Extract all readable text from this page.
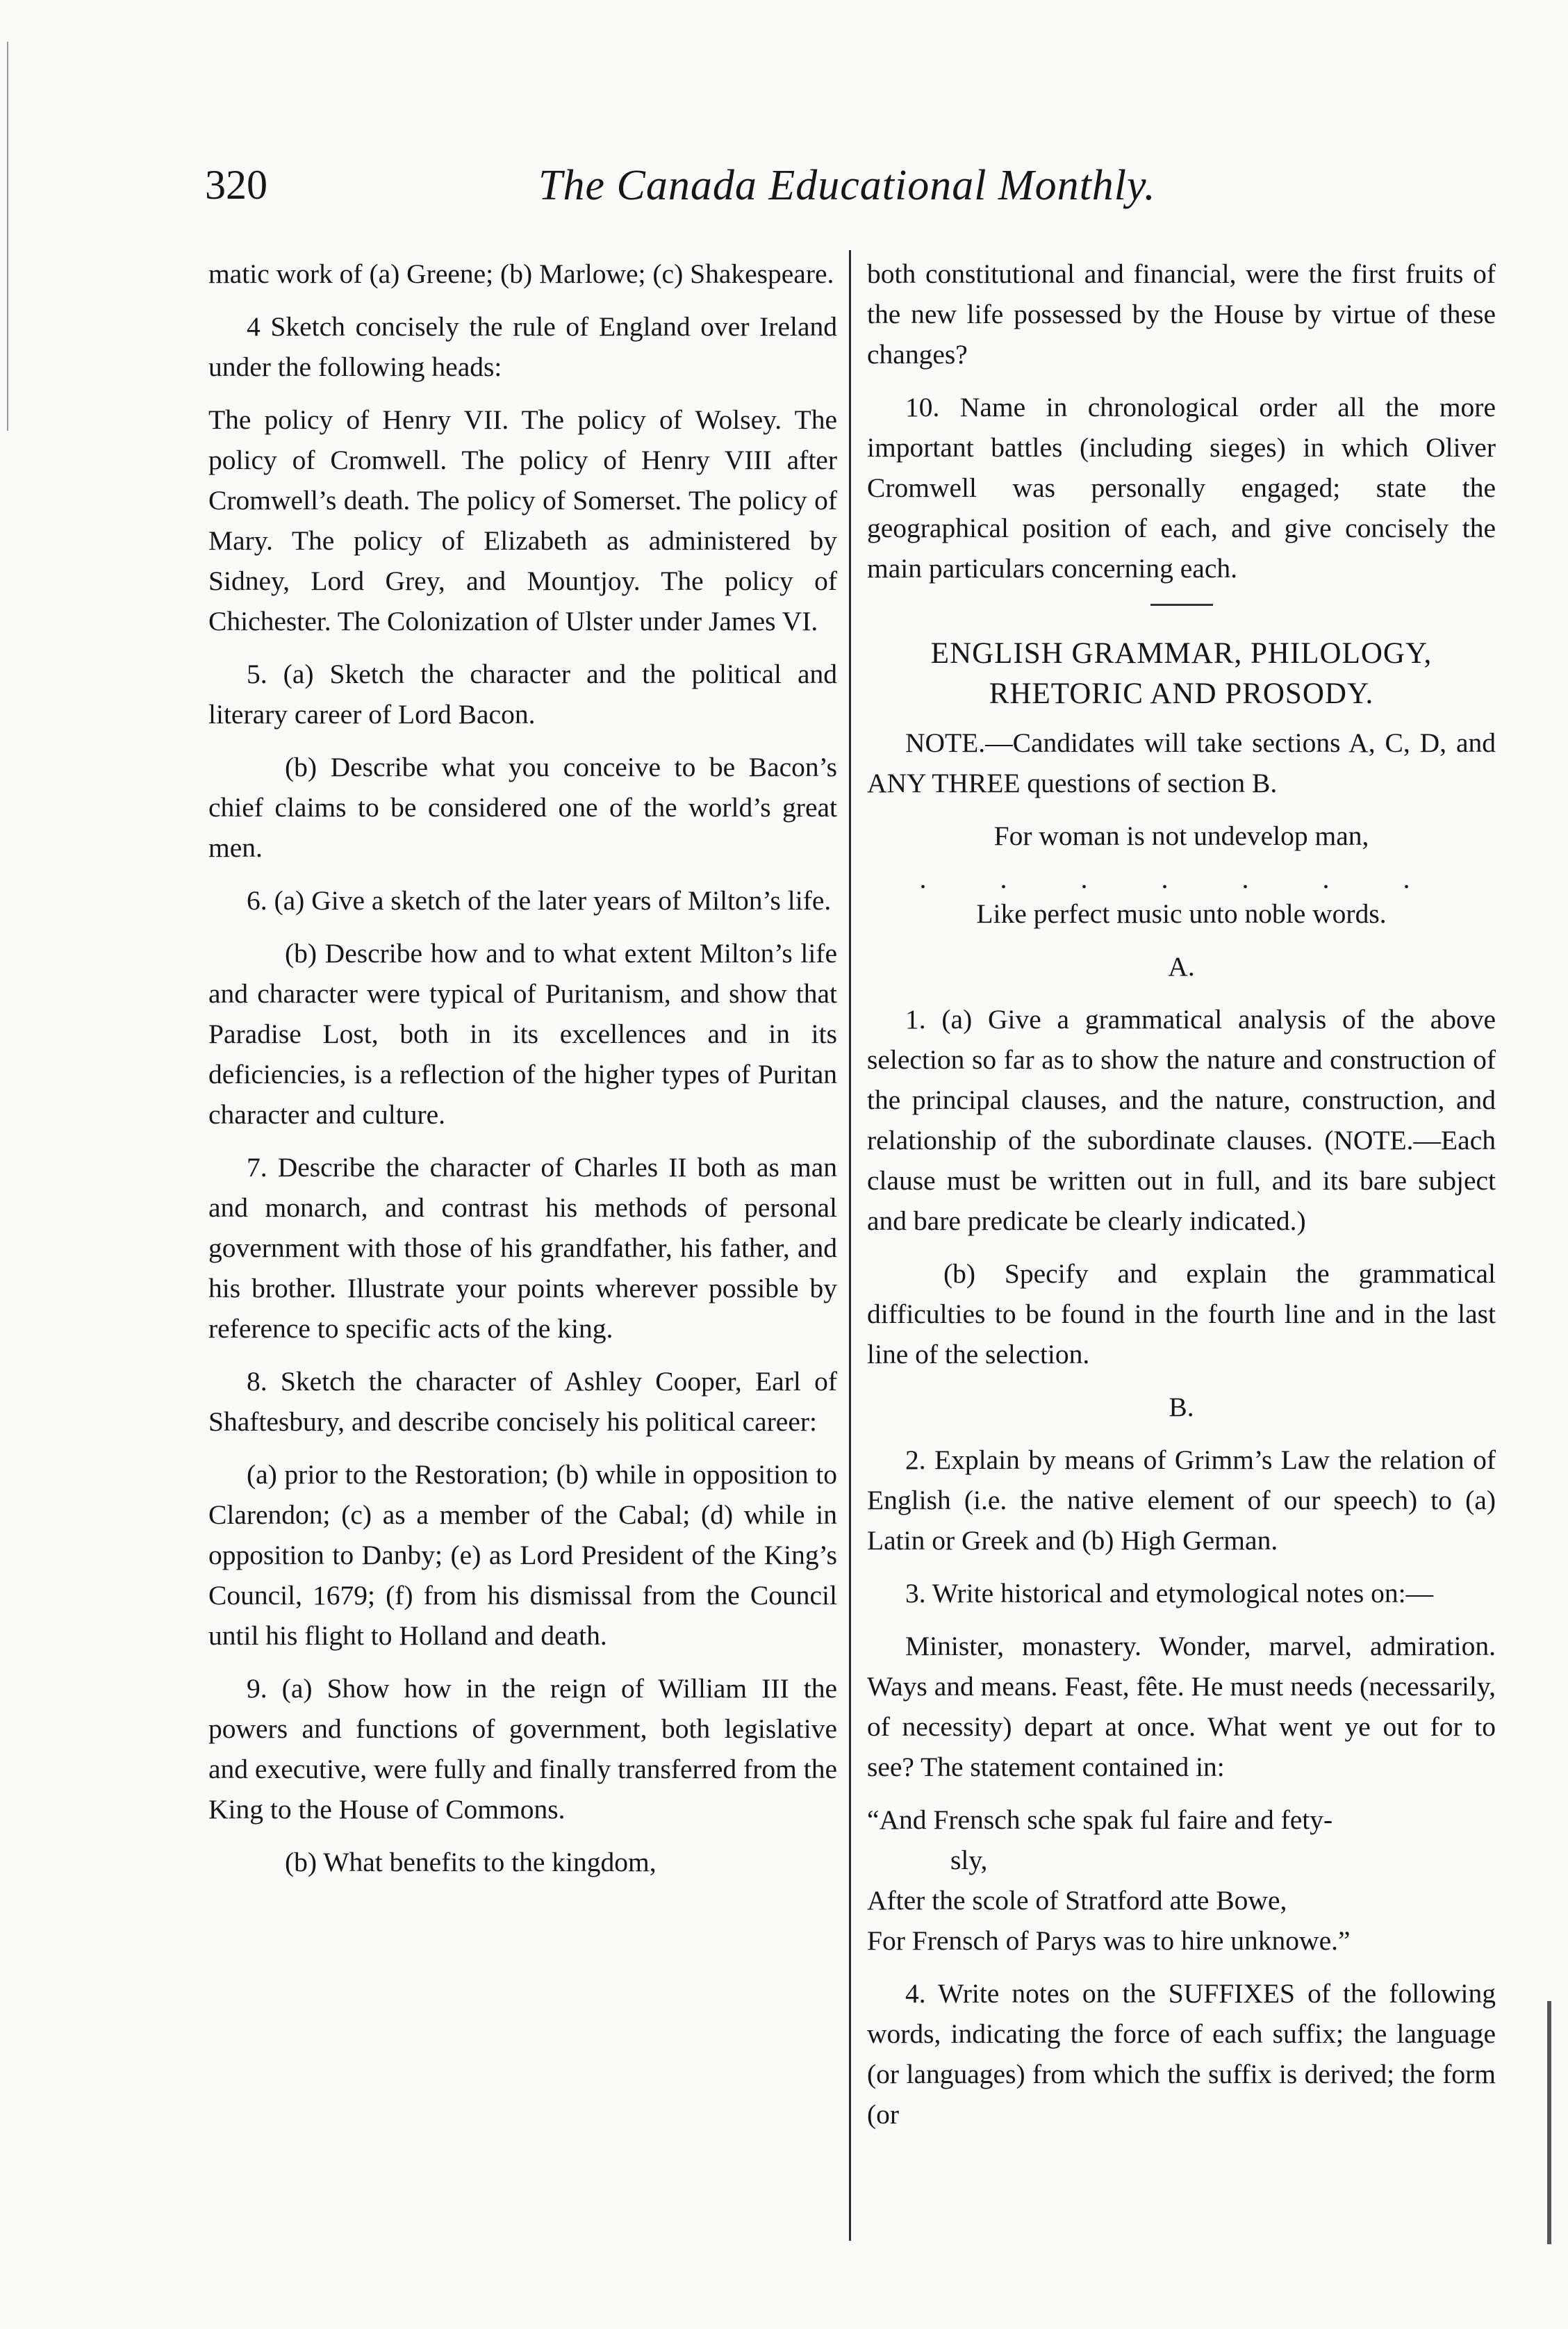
320	The Canada Educational Monthly.

matic work of (a) Greene; (b) Marlowe; (c) Shakespeare.

4 Sketch concisely the rule of England over Ireland under the following heads:

The policy of Henry VII. The policy of Wolsey. The policy of Cromwell. The policy of Henry VIII after Cromwell’s death. The policy of Somerset. The policy of Mary. The policy of Elizabeth as administered by Sidney, Lord Grey, and Mountjoy. The policy of Chichester. The Colonization of Ulster under James VI.

5. (a) Sketch the character and the political and literary career of Lord Bacon.

(b) Describe what you conceive to be Bacon’s chief claims to be considered one of the world’s great men.

6. (a) Give a sketch of the later years of Milton’s life.

(b) Describe how and to what extent Milton’s life and character were typical of Puritanism, and show that Paradise Lost, both in its excellences and in its deficiencies, is a reflection of the higher types of Puritan character and culture.

7. Describe the character of Charles II both as man and monarch, and contrast his methods of personal government with those of his grandfather, his father, and his brother. Illustrate your points wherever possible by reference to specific acts of the king.

8. Sketch the character of Ashley Cooper, Earl of Shaftesbury, and describe concisely his political career:

(a) prior to the Restoration; (b) while in opposition to Clarendon; (c) as a member of the Cabal; (d) while in opposition to Danby; (e) as Lord President of the King’s Council, 1679; (f) from his dismissal from the Council until his flight to Holland and death.

9. (a) Show how in the reign of William III the powers and functions of government, both legislative and executive, were fully and finally transferred from the King to the House of Commons.

(b) What benefits to the kingdom,

both constitutional and financial, were the first fruits of the new life possessed by the House by virtue of these changes?

10. Name in chronological order all the more important battles (including sieges) in which Oliver Cromwell was personally engaged; state the geographical position of each, and give concisely the main particulars concerning each.

ENGLISH GRAMMAR, PHILOLOGY,
RHETORIC AND PROSODY.

NOTE.—Candidates will take sections A, C, D, and ANY THREE questions of section B.

For woman is not undevelop man,

. . . . . . .

Like perfect music unto noble words.

A.

1. (a) Give a grammatical analysis of the above selection so far as to show the nature and construction of the principal clauses, and the nature, construction, and relationship of the subordinate clauses. (NOTE.—Each clause must be written out in full, and its bare subject and bare predicate be clearly indicated.)

(b) Specify and explain the grammatical difficulties to be found in the fourth line and in the last line of the selection.

B.

2. Explain by means of Grimm’s Law the relation of English (i.e. the native element of our speech) to (a) Latin or Greek and (b) High German.

3. Write historical and etymological notes on:—

Minister, monastery. Wonder, marvel, admiration. Ways and means. Feast, fête. He must needs (necessarily, of necessity) depart at once. What went ye out for to see? The statement contained in:

“And Frensch sche spak ful faire and fety-
sly,
After the scole of Stratford atte Bowe,
For Frensch of Parys was to hire unknowe.”

4. Write notes on the SUFFIXES of the following words, indicating the force of each suffix; the language (or languages) from which the suffix is derived; the form (or
